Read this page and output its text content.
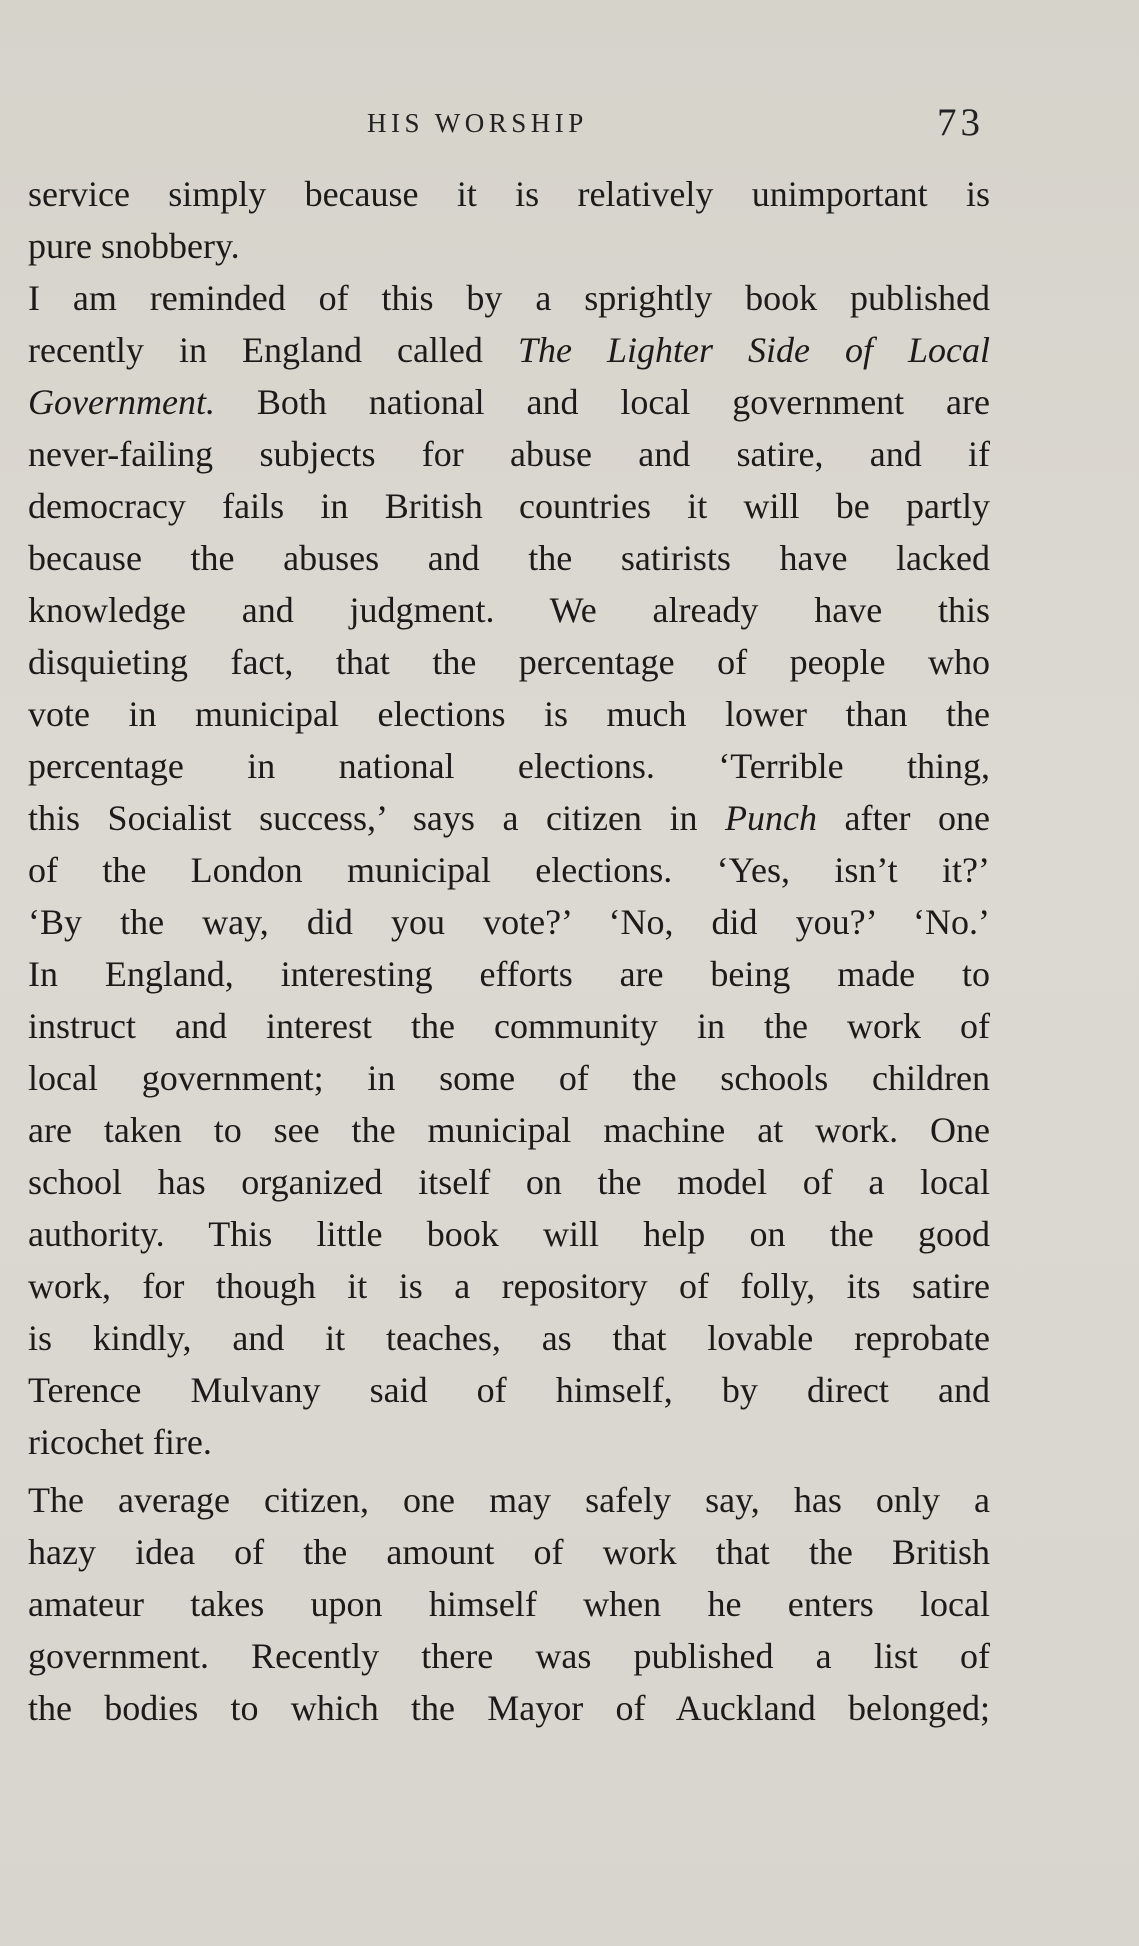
HIS WORSHIP	73
service simply because it is relatively unimportant is
pure snobbery.
I am reminded of this by a sprightly book published
recently in England called The Lighter Side of Local
Government. Both national and local government are
never-failing subjects for abuse and satire, and if
democracy fails in British countries it will be partly
because the abuses and the satirists have lacked
knowledge and judgment. We already have this
disquieting fact, that the percentage of people who
vote in municipal elections is much lower than the
percentage in national elections. ‘Terrible thing,
this Socialist success,’ says a citizen in Punch after one
of the London municipal elections. ‘Yes, isn’t it?’
‘By the way, did you vote?’ ‘No, did you?’ ‘No.’
In England, interesting efforts are being made to
instruct and interest the community in the work of
local government; in some of the schools children
are taken to see the municipal machine at work. One
school has organized itself on the model of a local
authority. This little book will help on the good
work, for though it is a repository of folly, its satire
is kindly, and it teaches, as that lovable reprobate
Terence Mulvany said of himself, by direct and
ricochet fire.
The average citizen, one may safely say, has only a
hazy idea of the amount of work that the British
amateur takes upon himself when he enters local
government. Recently there was published a list of
the bodies to which the Mayor of Auckland belonged;
